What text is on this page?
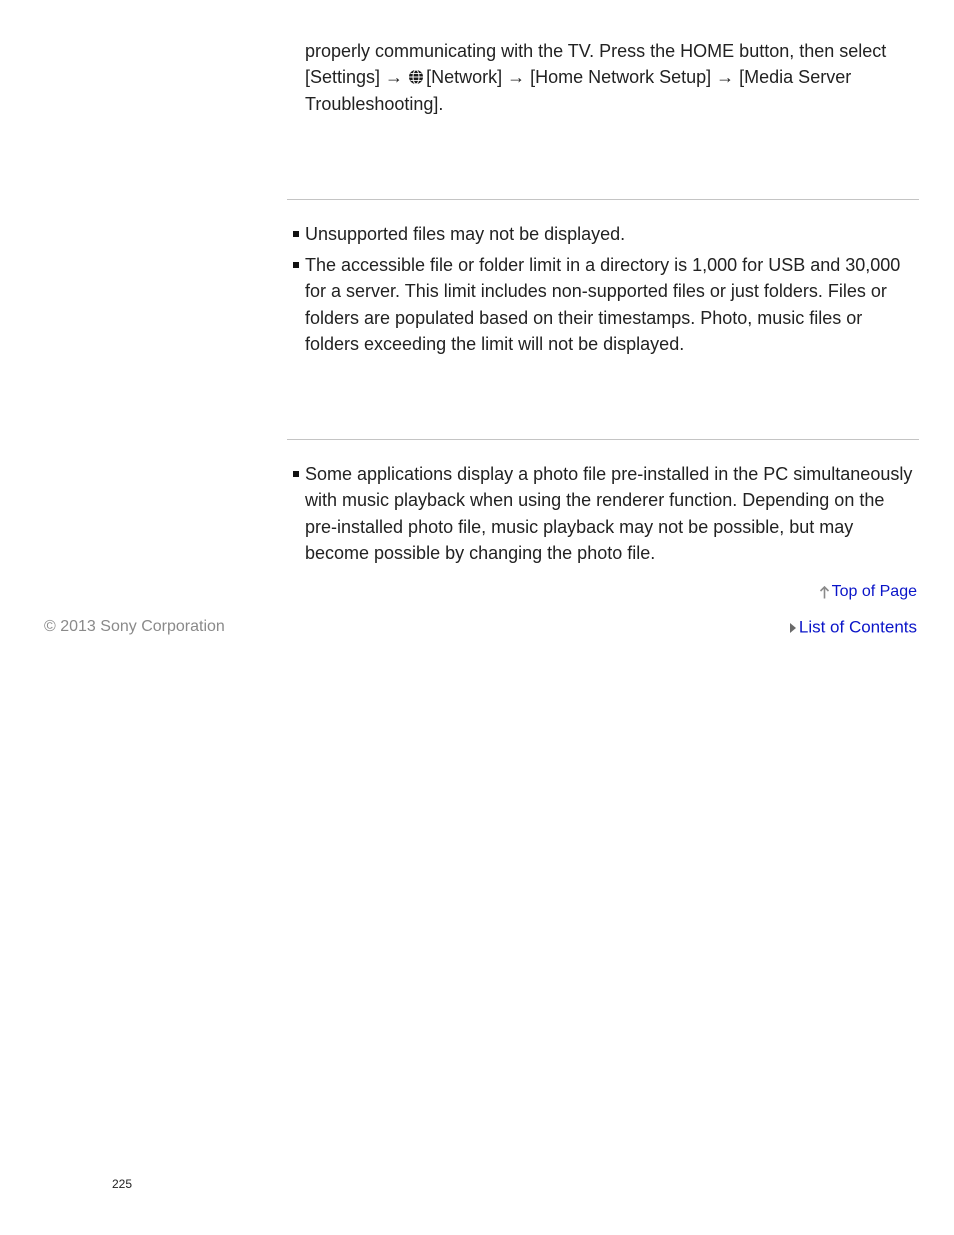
properly communicating with the TV. Press the HOME button, then select
[Settings] → [Network] → [Home Network Setup] → [Media Server
Troubleshooting].

Unsupported files may not be displayed.

The accessible file or folder limit in a directory is 1,000 for USB and 30,000 for a server. This limit includes non-supported files or just folders. Files or folders are populated based on their timestamps. Photo, music files or folders exceeding the limit will not be displayed.

Some applications display a photo file pre-installed in the PC simultaneously with music playback when using the renderer function. Depending on the pre-installed photo file, music playback may not be possible, but may become possible by changing the photo file.

Top of Page
List of Contents
© 2013 Sony Corporation
225
